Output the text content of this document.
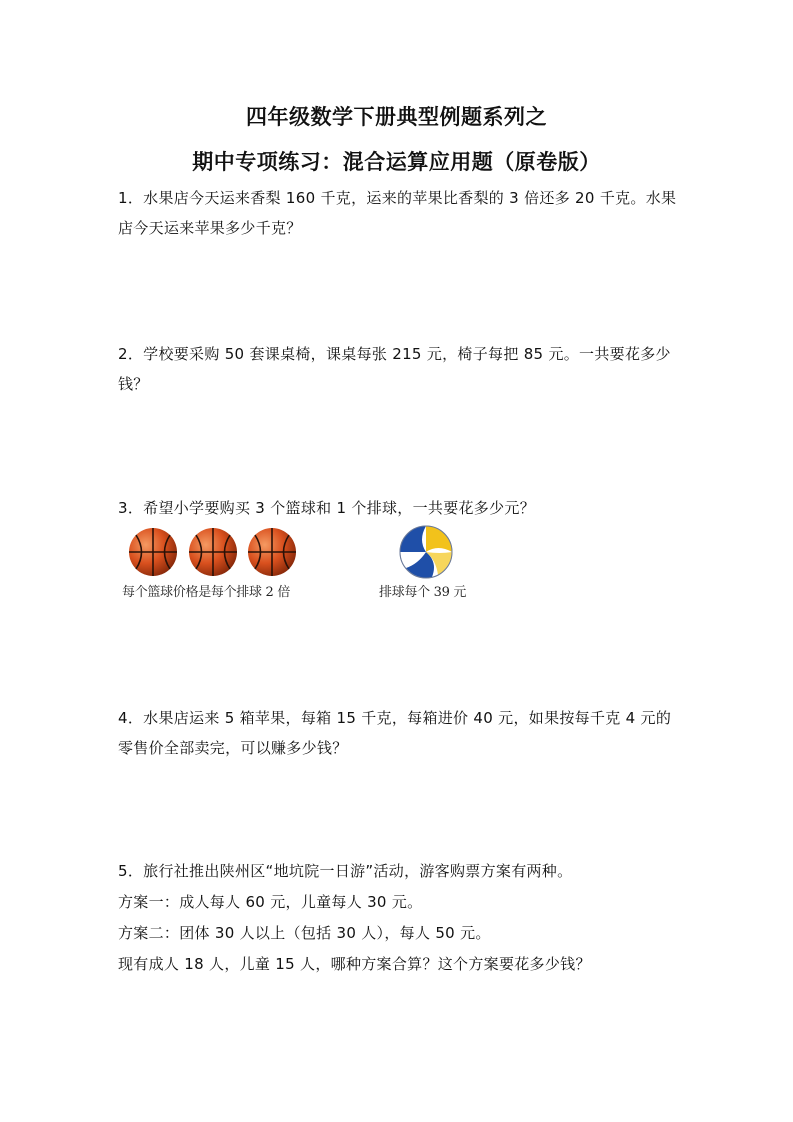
四年级数学下册典型例题系列之
期中专项练习：混合运算应用题（原卷版）
1．水果店今天运来香梨 160 千克，运来的苹果比香梨的 3 倍还多 20 千克。水果
店今天运来苹果多少千克？
2．学校要采购 50 套课桌椅，课桌每张 215 元，椅子每把 85 元。一共要花多少
钱？
3．希望小学要购买 3 个篮球和 1 个排球，一共要花多少元？
每个篮球价格是每个排球 2 倍	排球每个 39 元
4．水果店运来 5 箱苹果，每箱 15 千克，每箱进价 40 元，如果按每千克 4 元的
零售价全部卖完，可以赚多少钱？
5．旅行社推出陕州区“地坑院一日游”活动，游客购票方案有两种。
方案一：成人每人 60 元，儿童每人 30 元。
方案二：团体 30 人以上（包括 30 人），每人 50 元。
现有成人 18 人，儿童 15 人，哪种方案合算？这个方案要花多少钱？
